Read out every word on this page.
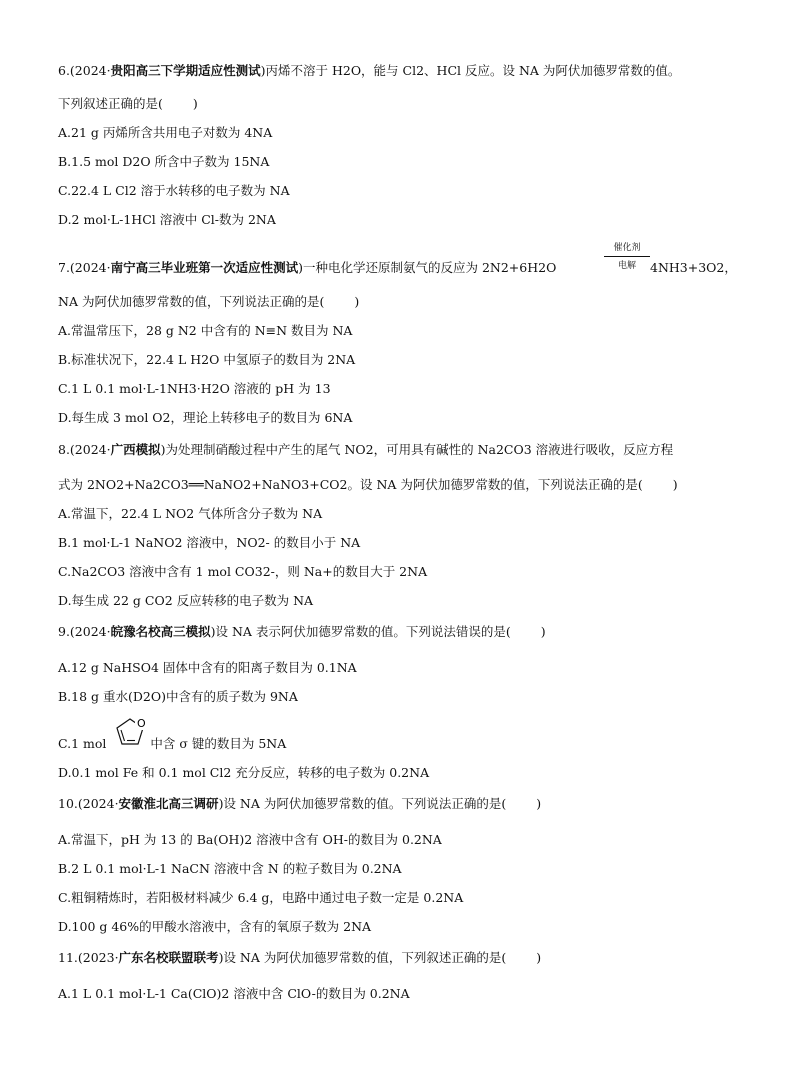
6.(2024·贵阳高三下学期适应性测试)丙烯不溶于 H2O，能与 Cl2、HCl 反应。设 NA 为阿伏加德罗常数的值。
下列叙述正确的是( )
A.21 g 丙烯所含共用电子对数为 4NA
B.1.5 mol D2O 所含中子数为 15NA
C.22.4 L Cl2 溶于水转移的电子数为 NA
D.2 mol·L-1HCl 溶液中 Cl-数为 2NA
7.(2024·南宁高三毕业班第一次适应性测试)一种电化学还原制氨气的反应为 2N2+6H2O
催化剂
电解	4NH3+3O2，
NA 为阿伏加德罗常数的值，下列说法正确的是( )
A.常温常压下，28 g N2 中含有的 N≡N 数目为 NA
B.标准状况下，22.4 L H2O 中氢原子的数目为 2NA
C.1 L 0.1 mol·L-1NH3·H2O 溶液的 pH 为 13
D.每生成 3 mol O2，理论上转移电子的数目为 6NA
8.(2024·广西模拟)为处理制硝酸过程中产生的尾气 NO2，可用具有碱性的 Na2CO3 溶液进行吸收，反应方程
式为 2NO2+Na2CO3══NaNO2+NaNO3+CO2。设 NA 为阿伏加德罗常数的值，下列说法正确的是( )
A.常温下，22.4 L NO2 气体所含分子数为 NA
B.1 mol·L-1 NaNO2 溶液中，NO2- 的数目小于 NA
C.Na2CO3 溶液中含有 1 mol CO32-，则 Na+的数目大于 2NA
D.每生成 22 g CO2 反应转移的电子数为 NA
9.(2024·皖豫名校高三模拟)设 NA 表示阿伏加德罗常数的值。下列说法错误的是( )
A.12 g NaHSO4 固体中含有的阳离子数目为 0.1NA
B.18 g 重水(D2O)中含有的质子数为 9NA
C.1 mol
O
中含 σ 键的数目为 5NA
D.0.1 mol Fe 和 0.1 mol Cl2 充分反应，转移的电子数为 0.2NA
10.(2024·安徽淮北高三调研)设 NA 为阿伏加德罗常数的值。下列说法正确的是( )
A.常温下，pH 为 13 的 Ba(OH)2 溶液中含有 OH-的数目为 0.2NA
B.2 L 0.1 mol·L-1 NaCN 溶液中含 N 的粒子数目为 0.2NA
C.粗铜精炼时，若阳极材料减少 6.4 g，电路中通过电子数一定是 0.2NA
D.100 g 46%的甲酸水溶液中，含有的氧原子数为 2NA
11.(2023·广东名校联盟联考)设 NA 为阿伏加德罗常数的值，下列叙述正确的是( )
A.1 L 0.1 mol·L-1 Ca(ClO)2 溶液中含 ClO-的数目为 0.2NA
